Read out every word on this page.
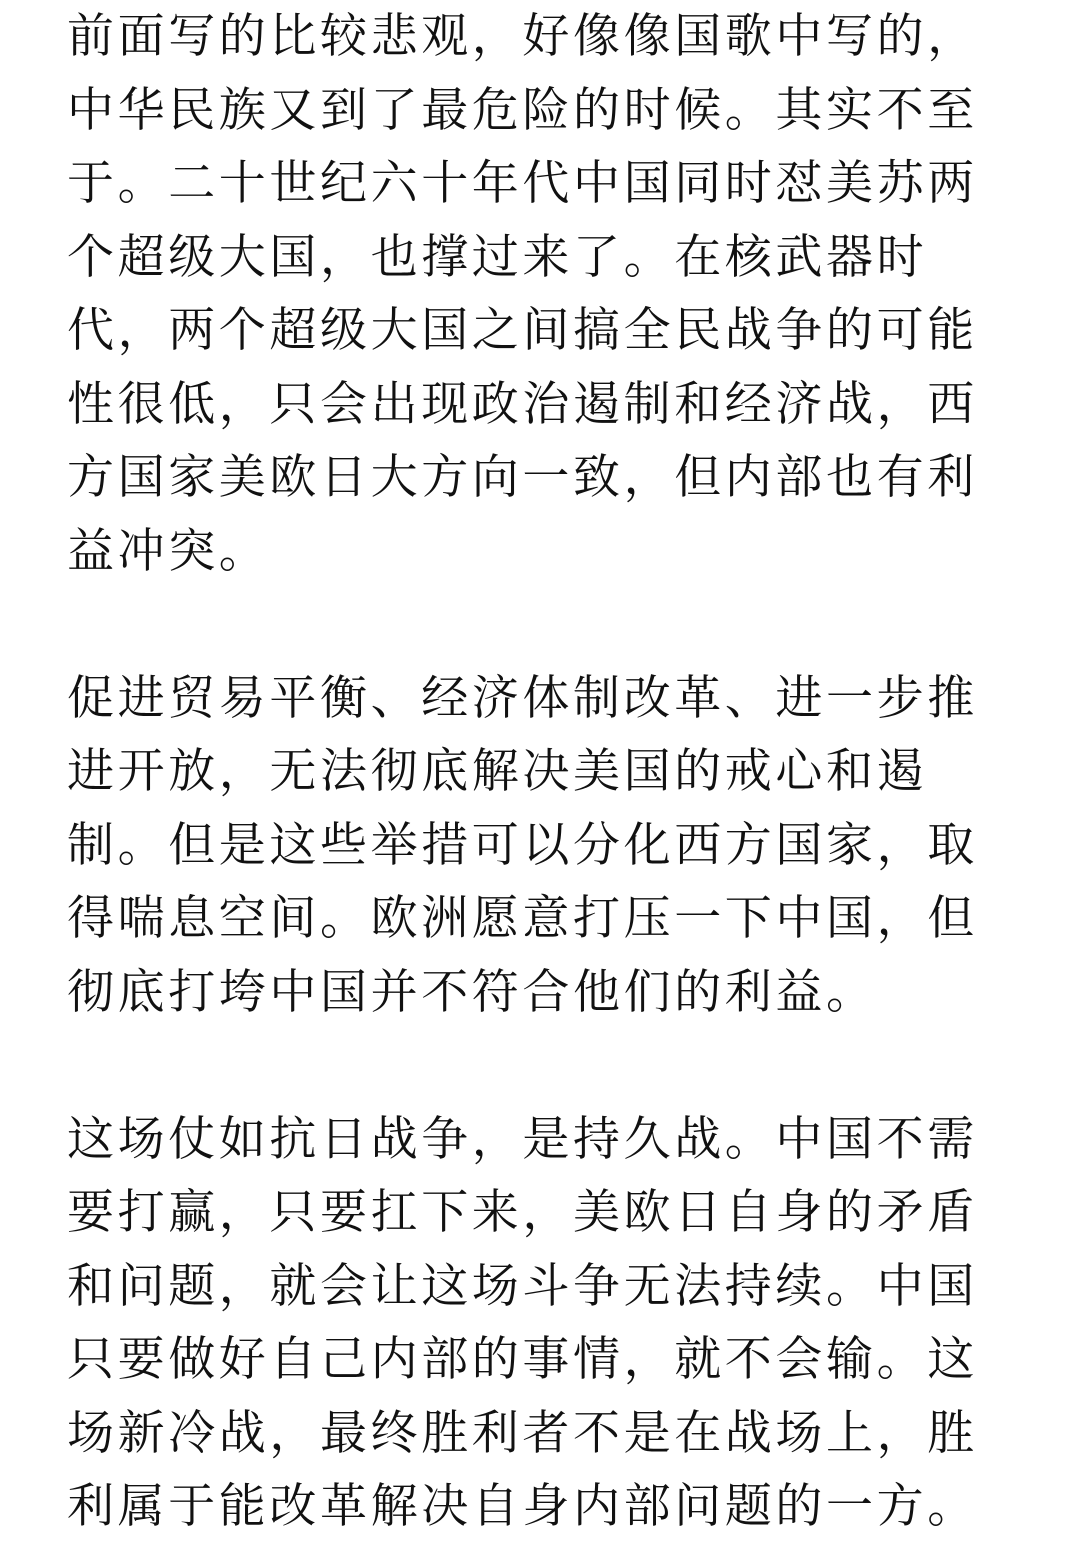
前面写的比较悲观，好像像国歌中写的，
中华民族又到了最危险的时候。其实不至
于。二十世纪六十年代中国同时怼美苏两
个超级大国，也撑过来了。在核武器时
代，两个超级大国之间搞全民战争的可能
性很低，只会出现政治遏制和经济战，西
方国家美欧日大方向一致，但内部也有利
益冲突。

促进贸易平衡、经济体制改革、进一步推
进开放，无法彻底解决美国的戒心和遏
制。但是这些举措可以分化西方国家，取
得喘息空间。欧洲愿意打压一下中国，但
彻底打垮中国并不符合他们的利益。

这场仗如抗日战争，是持久战。中国不需
要打赢，只要扛下来，美欧日自身的矛盾
和问题，就会让这场斗争无法持续。中国
只要做好自己内部的事情，就不会输。这
场新冷战，最终胜利者不是在战场上，胜
利属于能改革解决自身内部问题的一方。
